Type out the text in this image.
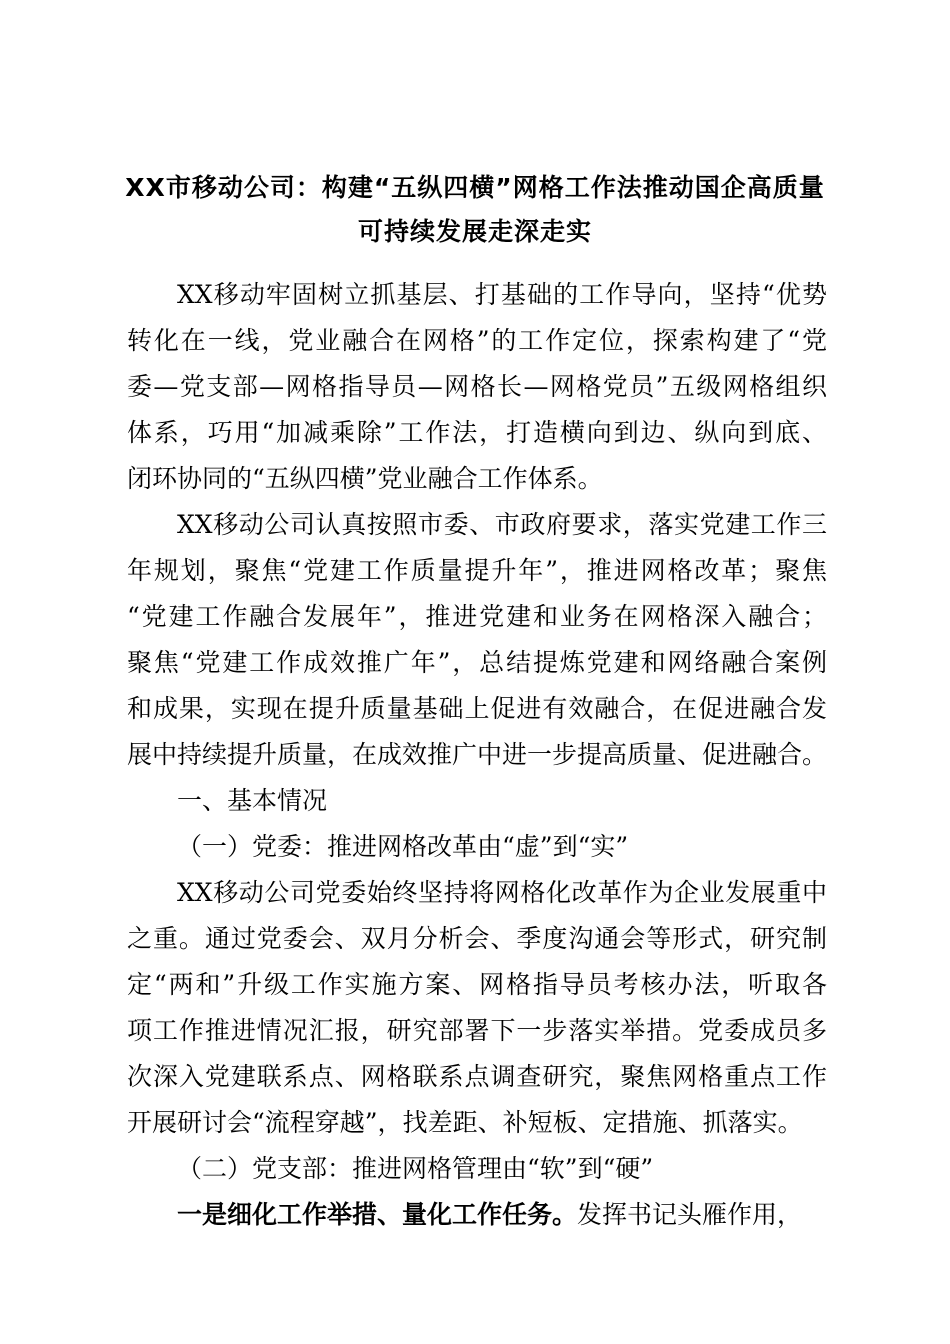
XX市移动公司：构建“五纵四横”网格工作法推动国企高质量
可持续发展走深走实
XX移动牢固树立抓基层、打基础的工作导向，坚持“优势
转化在一线，党业融合在网格”的工作定位，探索构建了“党
委—党支部—网格指导员—网格长—网格党员”五级网格组织
体系，巧用“加减乘除”工作法，打造横向到边、纵向到底、
闭环协同的“五纵四横”党业融合工作体系。
XX移动公司认真按照市委、市政府要求，落实党建工作三
年规划，聚焦“党建工作质量提升年”，推进网格改革；聚焦
“党建工作融合发展年”，推进党建和业务在网格深入融合；
聚焦“党建工作成效推广年”，总结提炼党建和网络融合案例
和成果，实现在提升质量基础上促进有效融合，在促进融合发
展中持续提升质量，在成效推广中进一步提高质量、促进融合。
一、基本情况
（一）党委：推进网格改革由“虚”到“实”
XX移动公司党委始终坚持将网格化改革作为企业发展重中
之重。通过党委会、双月分析会、季度沟通会等形式，研究制
定“两和”升级工作实施方案、网格指导员考核办法，听取各
项工作推进情况汇报，研究部署下一步落实举措。党委成员多
次深入党建联系点、网格联系点调查研究，聚焦网格重点工作
开展研讨会“流程穿越”，找差距、补短板、定措施、抓落实。
（二）党支部：推进网格管理由“软”到“硬”
一是细化工作举措、量化工作任务。发挥书记头雁作用，
